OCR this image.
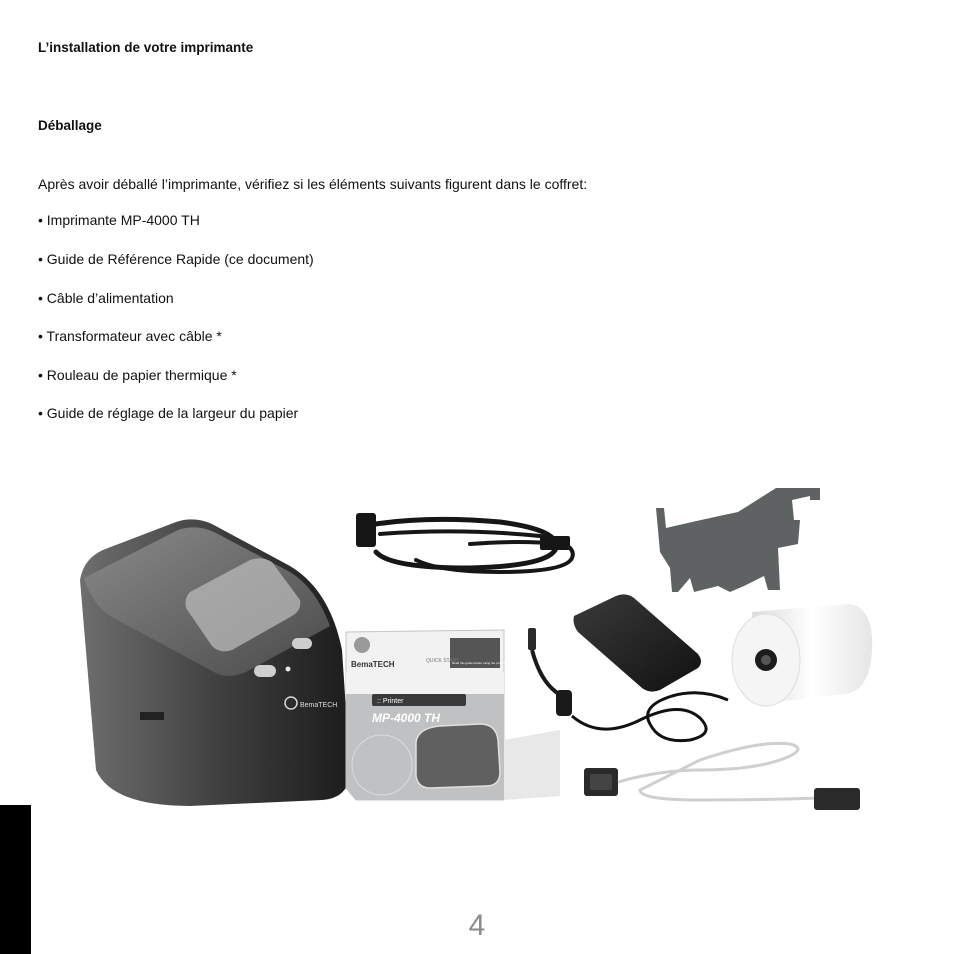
L’installation de votre imprimante
Déballage
Après avoir déballé l’imprimante, vérifiez si les éléments suivants figurent dans le coffret:
• Imprimante MP-4000 TH
• Guide de Référence Rapide (ce document)
• Câble d’alimentation
• Transformateur avec câble *
• Rouleau de papier thermique *
• Guide de réglage de la largeur du papier
BemaTECH
BemaTECH	QUICK START
Read this guide before using the product
:: Printer
MP-4000 TH
4
